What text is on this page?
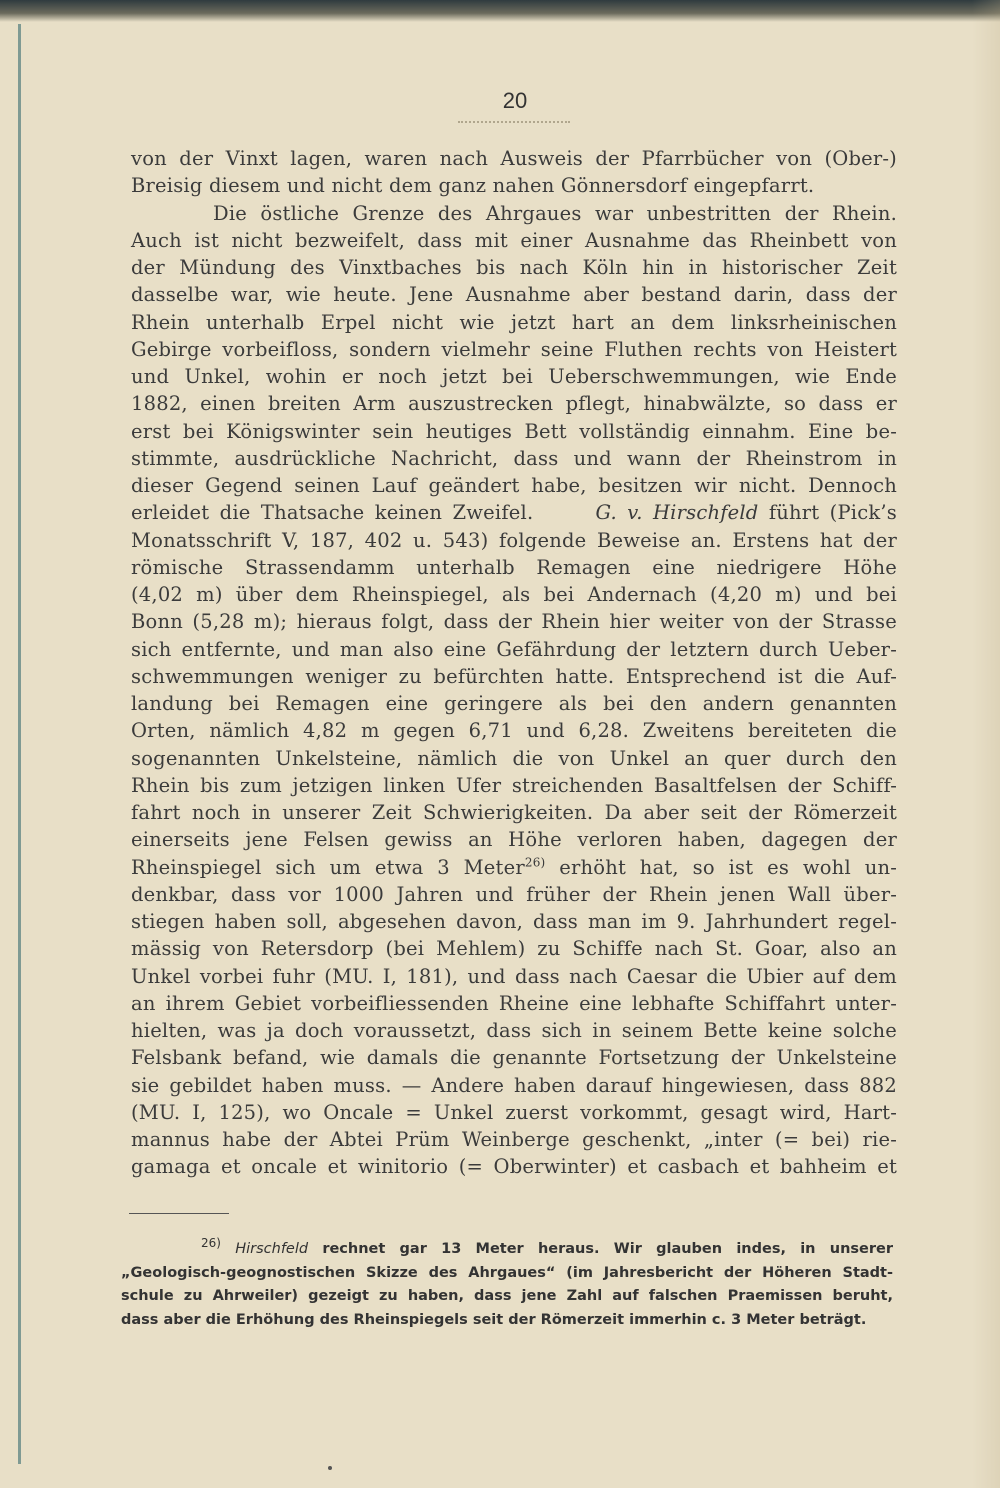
20
von der Vinxt lagen, waren nach Ausweis der Pfarrbücher von (Ober-)
Breisig diesem und nicht dem ganz nahen Gönnersdorf eingepfarrt.
Die östliche Grenze des Ahrgaues war unbestritten der Rhein.
Auch ist nicht bezweifelt, dass mit einer Ausnahme das Rheinbett von
der Mündung des Vinxtbaches bis nach Köln hin in historischer Zeit
dasselbe war, wie heute. Jene Ausnahme aber bestand darin, dass der
Rhein unterhalb Erpel nicht wie jetzt hart an dem linksrheinischen
Gebirge vorbeifloss, sondern vielmehr seine Fluthen rechts von Heistert
und Unkel, wohin er noch jetzt bei Ueberschwemmungen, wie Ende
1882, einen breiten Arm auszustrecken pflegt, hinabwälzte, so dass er
erst bei Königswinter sein heutiges Bett vollständig einnahm. Eine be-
stimmte, ausdrückliche Nachricht, dass und wann der Rheinstrom in
dieser Gegend seinen Lauf geändert habe, besitzen wir nicht. Dennoch
erleidet die Thatsache keinen Zweifel.	G. v. Hirschfeld führt (Pick’s
Monatsschrift V, 187, 402 u. 543) folgende Beweise an. Erstens hat der
römische Strassendamm unterhalb Remagen eine niedrigere Höhe
(4,02 m) über dem Rheinspiegel, als bei Andernach (4,20 m) und bei
Bonn (5,28 m); hieraus folgt, dass der Rhein hier weiter von der Strasse
sich entfernte, und man also eine Gefährdung der letztern durch Ueber-
schwemmungen weniger zu befürchten hatte. Entsprechend ist die Auf-
landung bei Remagen eine geringere als bei den andern genannten
Orten, nämlich 4,82 m gegen 6,71 und 6,28. Zweitens bereiteten die
sogenannten Unkelsteine, nämlich die von Unkel an quer durch den
Rhein bis zum jetzigen linken Ufer streichenden Basaltfelsen der Schiff-
fahrt noch in unserer Zeit Schwierigkeiten. Da aber seit der Römerzeit
einerseits jene Felsen gewiss an Höhe verloren haben, dagegen der
Rheinspiegel sich um etwa 3 Meter$^{26)}$ erhöht hat, so ist es wohl un-
denkbar, dass vor 1000 Jahren und früher der Rhein jenen Wall über-
stiegen haben soll, abgesehen davon, dass man im 9. Jahrhundert regel-
mässig von Retersdorp (bei Mehlem) zu Schiffe nach St. Goar, also an
Unkel vorbei fuhr (MU. I, 181), und dass nach Caesar die Ubier auf dem
an ihrem Gebiet vorbeifliessenden Rheine eine lebhafte Schiffahrt unter-
hielten, was ja doch voraussetzt, dass sich in seinem Bette keine solche
Felsbank befand, wie damals die genannte Fortsetzung der Unkelsteine
sie gebildet haben muss. — Andere haben darauf hingewiesen, dass 882
(MU. I, 125), wo Oncale = Unkel zuerst vorkommt, gesagt wird, Hart-
mannus habe der Abtei Prüm Weinberge geschenkt, „inter (= bei) rie-
gamaga et oncale et winitorio (= Oberwinter) et casbach et bahheim et
$^{26)}$ Hirschfeld rechnet gar 13 Meter heraus. Wir glauben indes, in unserer
„Geologisch-geognostischen Skizze des Ahrgaues“ (im Jahresbericht der Höheren Stadt-
schule zu Ahrweiler) gezeigt zu haben, dass jene Zahl auf falschen Praemissen beruht,
dass aber die Erhöhung des Rheinspiegels seit der Römerzeit immerhin c. 3 Meter beträgt.
